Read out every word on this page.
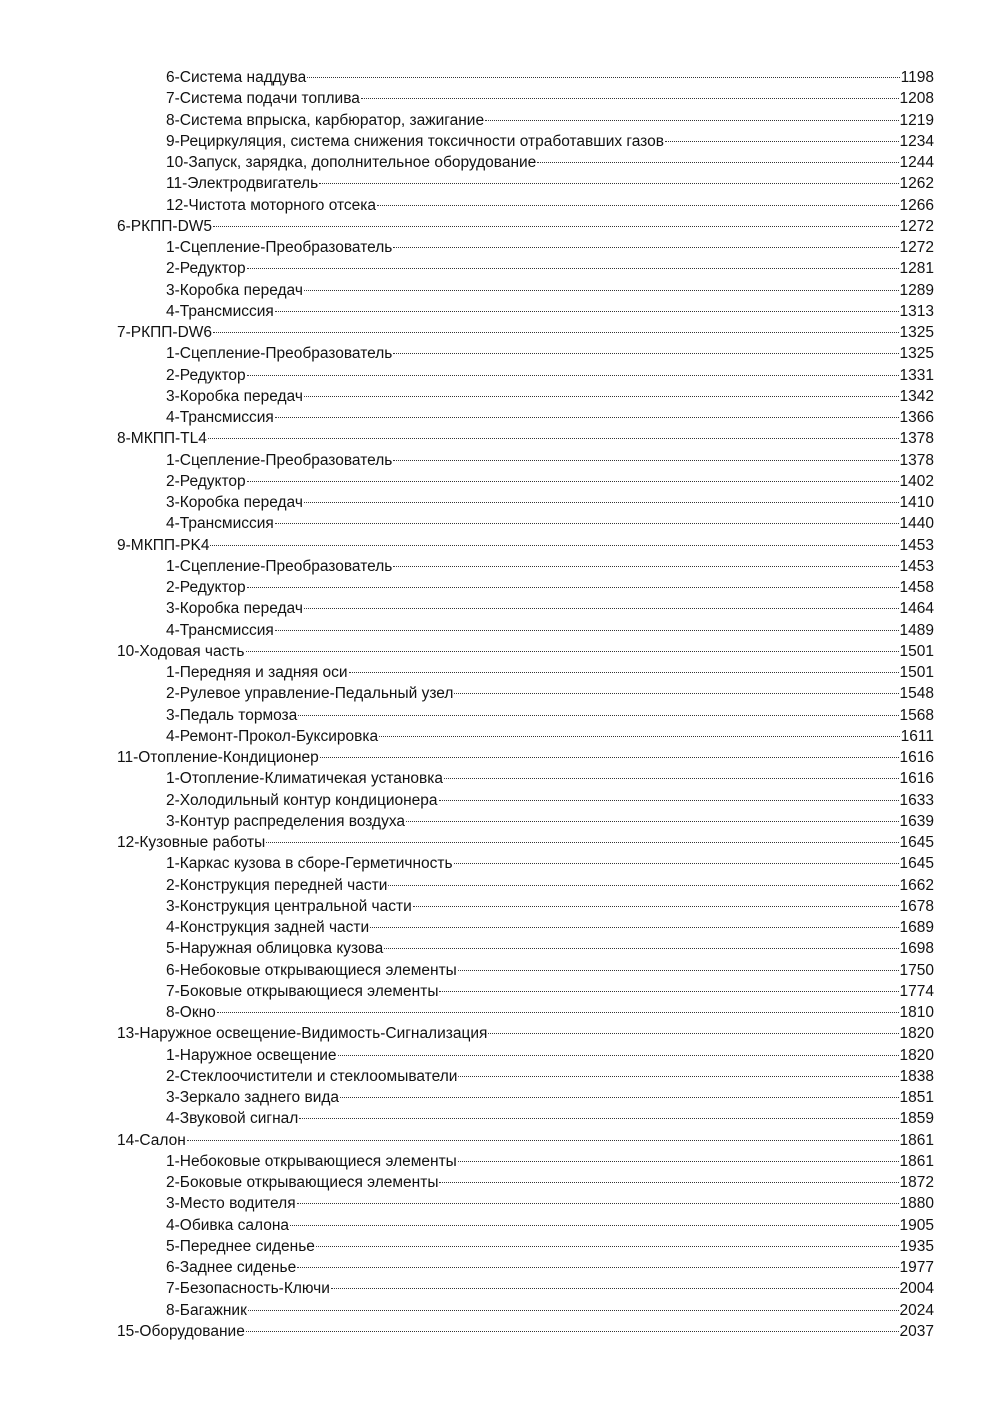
6-Система наддува	1198
7-Система подачи топлива	1208
8-Система впрыска, карбюратор, зажигание	1219
9-Рециркуляция, система снижения токсичности отработавших газов	1234
10-Запуск, зарядка, дополнительное оборудование	1244
11-Электродвигатель	1262
12-Чистота моторного отсека	1266
6-РКПП-DW5	1272
1-Сцепление-Преобразователь	1272
2-Редуктор	1281
3-Коробка передач	1289
4-Трансмиссия	1313
7-РКПП-DW6	1325
1-Сцепление-Преобразователь	1325
2-Редуктор	1331
3-Коробка передач	1342
4-Трансмиссия	1366
8-МКПП-TL4	1378
1-Сцепление-Преобразователь	1378
2-Редуктор	1402
3-Коробка передач	1410
4-Трансмиссия	1440
9-МКПП-PK4	1453
1-Сцепление-Преобразователь	1453
2-Редуктор	1458
3-Коробка передач	1464
4-Трансмиссия	1489
10-Ходовая часть	1501
1-Передняя и задняя оси	1501
2-Рулевое управление-Педальный узел	1548
3-Педаль тормоза	1568
4-Ремонт-Прокол-Буксировка	1611
11-Отопление-Кондиционер	1616
1-Отопление-Климатичекая установка	1616
2-Холодильный контур кондиционера	1633
3-Контур распределения воздуха	1639
12-Кузовные работы	1645
1-Каркас кузова в сборе-Герметичность	1645
2-Конструкция передней части	1662
3-Конструкция центральной части	1678
4-Конструкция задней части	1689
5-Наружная облицовка кузова	1698
6-Небоковые открывающиеся элементы	1750
7-Боковые открывающиеся элементы	1774
8-Окно	1810
13-Наружное освещение-Видимость-Сигнализация	1820
1-Наружное освещение	1820
2-Стеклоочистители и стеклоомыватели	1838
3-Зеркало заднего вида	1851
4-Звуковой сигнал	1859
14-Салон	1861
1-Небоковые открывающиеся элементы	1861
2-Боковые открывающиеся элементы	1872
3-Место водителя	1880
4-Обивка салона	1905
5-Переднее сиденье	1935
6-Заднее сиденье	1977
7-Безопасность-Ключи	2004
8-Багажник	2024
15-Оборудование	2037
